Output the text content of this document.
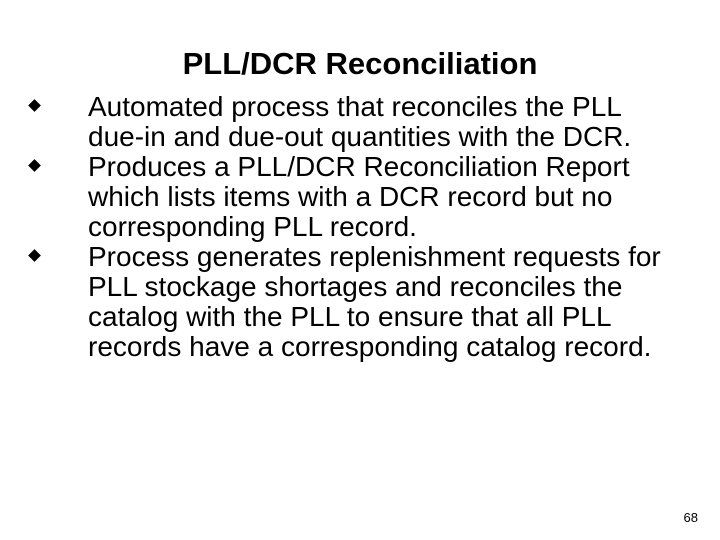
PLL/DCR Reconciliation
Automated process that reconciles the PLL due-in and due-out quantities with the DCR.
Produces a PLL/DCR Reconciliation Report which lists items with a DCR record but no corresponding PLL record.
Process generates replenishment requests for PLL stockage shortages and reconciles the catalog with the PLL to ensure that all PLL records have a corresponding catalog record.
68
